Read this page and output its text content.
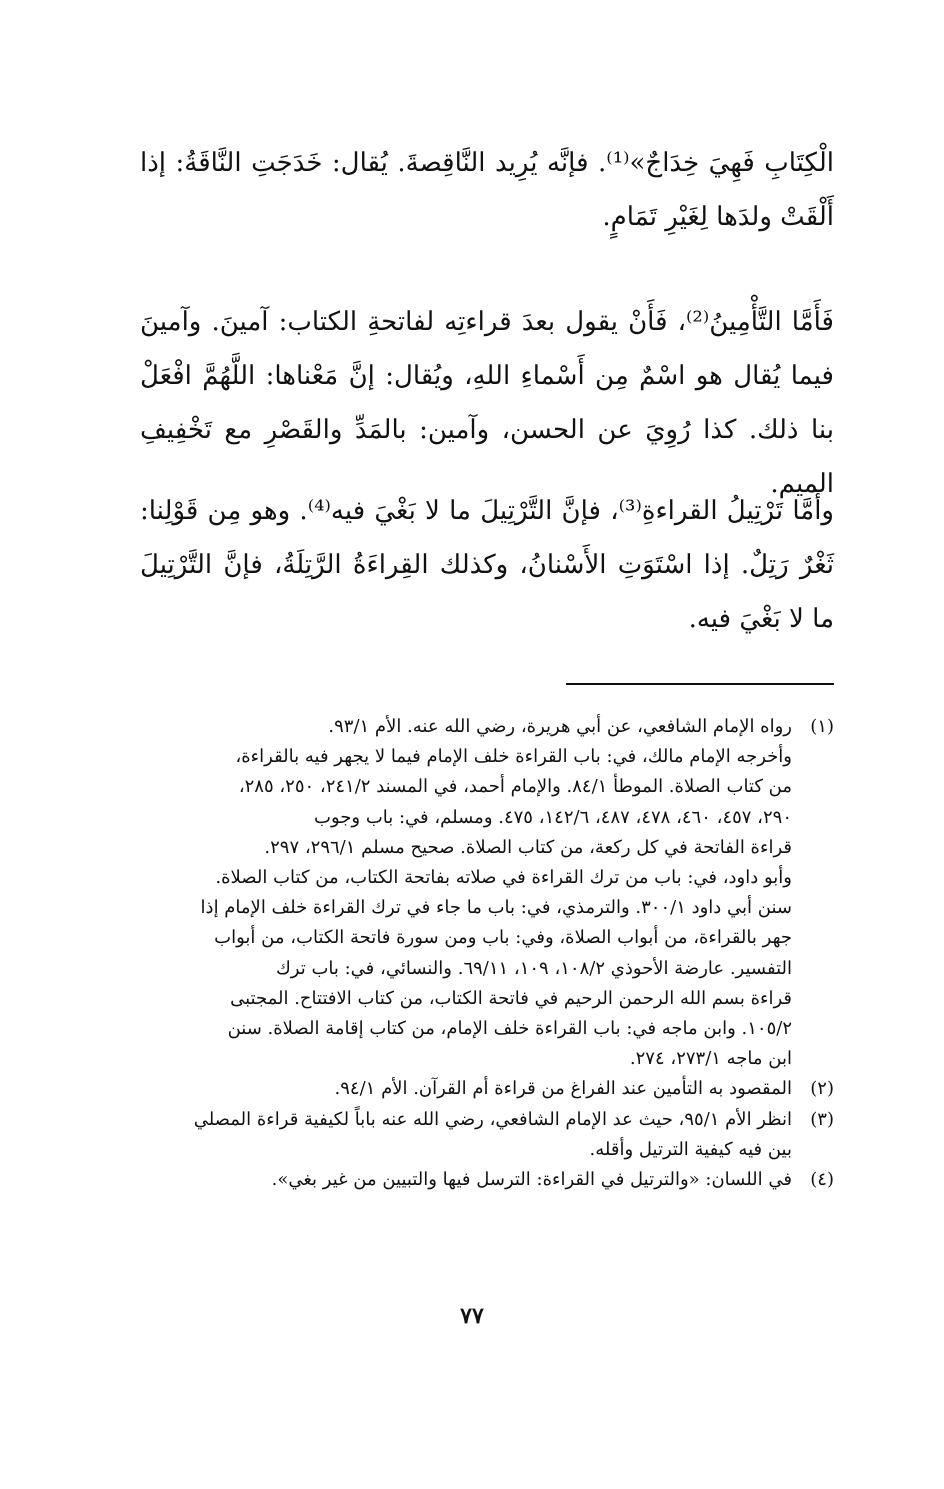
الْكِتَابِ فَهِيَ خِدَاجٌ»⁽¹⁾. فإنَّه يُرِيد النَّاقِصةَ. يُقال: خَدَجَتِ النَّاقَةُ: إذا أَلْقَتْ ولدَها لِغَيْرِ تَمَامٍ.

فَأَمَّا التَّأْمِينُ⁽²⁾، فَأَنْ يقول بعدَ قراءتِه لفاتحةِ الكتاب: آمينَ. وآمينَ فيما يُقال هو اسْمٌ مِن أَسْماءِ اللهِ، ويُقال: إنَّ مَعْناها: اللَّهُمَّ افْعَلْ بنا ذلك. كذا رُوِيَ عن الحسن، وآمين: بالمَدِّ والقَصْرِ مع تَخْفِيفِ الميم.

وأَمَّا تَرْتِيلُ القراءةِ⁽³⁾، فإنَّ التَّرْتِيلَ ما لا بَغْيَ فيه⁽⁴⁾. وهو مِن قَوْلِنا: ثَغْرٌ رَتِلٌ. إذا اسْتَوَتِ الأَسْنانُ، وكذلك القِراءَةُ الرَّتِلَةُ، فإنَّ التَّرْتِيلَ ما لا بَغْيَ فيه.

(١)
رواه الإمام الشافعي، عن أبي هريرة، رضي الله عنه. الأم ٩٣/١.
وأخرجه الإمام مالك، في: باب القراءة خلف الإمام فيما لا يجهر فيه بالقراءة،
من كتاب الصلاة. الموطأ ٨٤/١. والإمام أحمد، في المسند ٢٤١/٢، ٢٥٠، ٢٨٥،
٢٩٠، ٤٥٧، ٤٦٠، ٤٧٨، ٤٨٧، ١٤٢/٦، ٤٧٥. ومسلم، في: باب وجوب
قراءة الفاتحة في كل ركعة، من كتاب الصلاة. صحيح مسلم ٢٩٦/١، ٢٩٧.
وأبو داود، في: باب من ترك القراءة في صلاته بفاتحة الكتاب، من كتاب الصلاة.
سنن أبي داود ٣٠٠/١. والترمذي، في: باب ما جاء في ترك القراءة خلف الإمام إذا
جهر بالقراءة، من أبواب الصلاة، وفي: باب ومن سورة فاتحة الكتاب، من أبواب
التفسير. عارضة الأحوذي ١٠٨/٢، ١٠٩، ٦٩/١١. والنسائي، في: باب ترك
قراءة بسم الله الرحمن الرحيم في فاتحة الكتاب، من كتاب الافتتاح. المجتبى
١٠٥/٢. وابن ماجه في: باب القراءة خلف الإمام، من كتاب إقامة الصلاة. سنن
ابن ماجه ٢٧٣/١، ٢٧٤.
(٢)
المقصود به التأمين عند الفراغ من قراءة أم القرآن. الأم ٩٤/١.
(٣)
انظر الأم ٩٥/١، حيث عد الإمام الشافعي، رضي الله عنه باباً لكيفية قراءة المصلي
بين فيه كيفية الترتيل وأقله.
(٤)
في اللسان: «والترتيل في القراءة: الترسل فيها والتبيين من غير بغي».
٧٧
